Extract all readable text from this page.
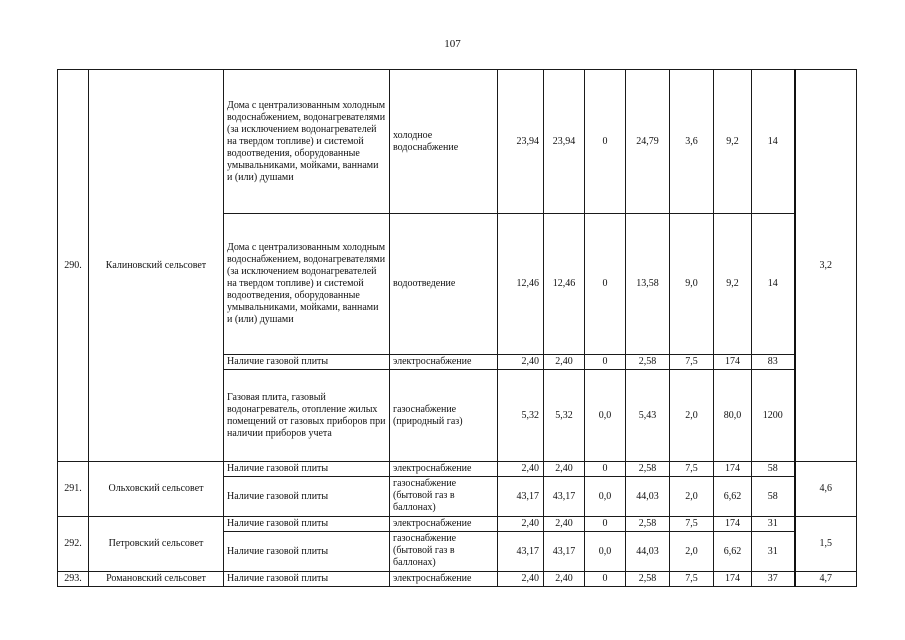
107
290.	Калиновский сельсовет	Дома с централизованным холодным водоснабжением, водонагревателями (за исключением водонагревателей на твердом топливе) и системой водоотведения, оборудованные умывальниками, мойками, ваннами и (или) душами	холодное водоснабжение	23,94	23,94	0	24,79	3,6	9,2	14	3,2
		Дома с централизованным холодным водоснабжением, водонагревателями (за исключением водонагревателей на твердом топливе) и системой водоотведения, оборудованные умывальниками, мойками, ваннами и (или) душами	водоотведение	12,46	12,46	0	13,58	9,0	9,2	14	
		Наличие газовой плиты	электроснабжение	2,40	2,40	0	2,58	7,5	174	83	
		Газовая плита, газовый водонагреватель, отопление жилых помещений от газовых приборов при наличии приборов учета	газоснабжение (природный газ)	5,32	5,32	0,0	5,43	2,0	80,0	1200	
291.	Ольховский сельсовет	Наличие газовой плиты	электроснабжение	2,40	2,40	0	2,58	7,5	174	58	4,6
		Наличие газовой плиты	газоснабжение (бытовой газ в баллонах)	43,17	43,17	0,0	44,03	2,0	6,62	58	
292.	Петровский сельсовет	Наличие газовой плиты	электроснабжение	2,40	2,40	0	2,58	7,5	174	31	1,5
		Наличие газовой плиты	газоснабжение (бытовой газ в баллонах)	43,17	43,17	0,0	44,03	2,0	6,62	31	
293.	Романовский сельсовет	Наличие газовой плиты	электроснабжение	2,40	2,40	0	2,58	7,5	174	37	4,7
